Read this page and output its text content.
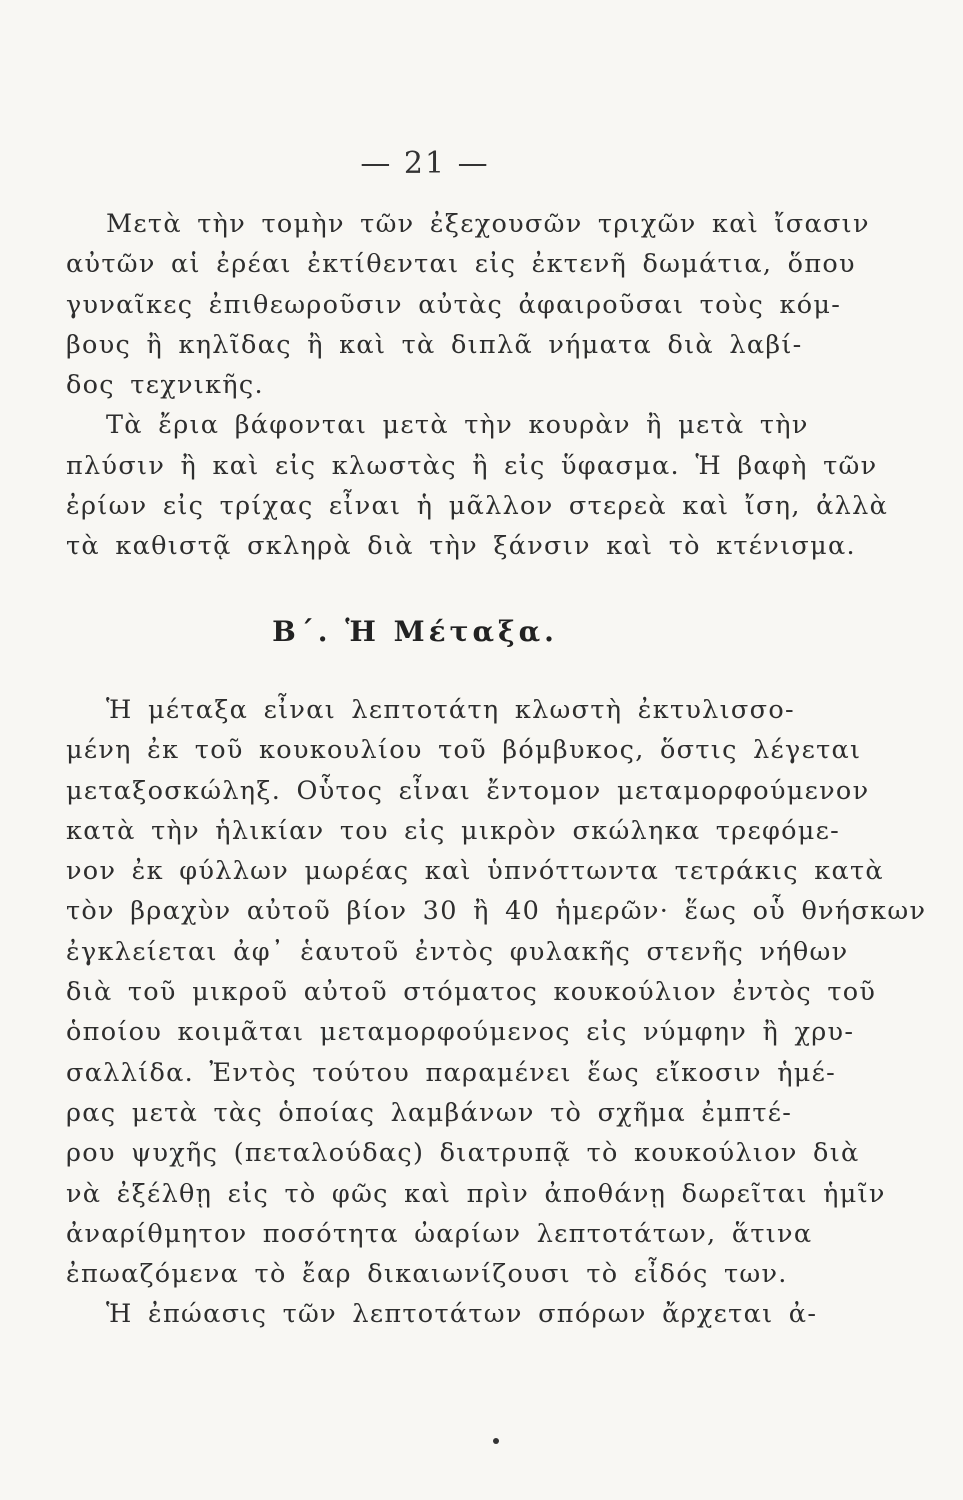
— 21 —
Μετὰ τὴν τομὴν τῶν ἐξεχουσῶν τριχῶν καὶ ἴσασιν
αὐτῶν αἱ ἐρέαι ἐκτίθενται εἰς ἐκτενῆ δωμάτια, ὅπου
γυναῖκες ἐπιθεωροῦσιν αὐτὰς ἀφαιροῦσαι τοὺς κόμ-
βους ἢ κηλῖδας ἢ καὶ τὰ διπλᾶ νήματα διὰ λαβί-
δος τεχνικῆς.
Τὰ ἔρια βάφονται μετὰ τὴν κουρὰν ἢ μετὰ τὴν
πλύσιν ἢ καὶ εἰς κλωστὰς ἢ εἰς ὕφασμα. Ἡ βαφὴ τῶν
ἐρίων εἰς τρίχας εἶναι ἡ μᾶλλον στερεὰ καὶ ἴση, ἀλλὰ
τὰ καθιστᾷ σκληρὰ διὰ τὴν ξάνσιν καὶ τὸ κτένισμα.
Β΄. Ἡ Μέταξα.
Ἡ μέταξα εἶναι λεπτοτάτη κλωστὴ ἐκτυλισσο-
μένη ἐκ τοῦ κουκουλίου τοῦ βόμβυκος, ὅστις λέγεται
μεταξοσκώληξ. Οὗτος εἶναι ἔντομον μεταμορφούμενον
κατὰ τὴν ἡλικίαν του εἰς μικρὸν σκώληκα τρεφόμε-
νον ἐκ φύλλων μωρέας καὶ ὑπνόττωντα τετράκις κατὰ
τὸν βραχὺν αὐτοῦ βίον 30 ἢ 40 ἡμερῶν· ἕως οὗ θνήσκων
ἐγκλείεται ἀφ᾽ ἑαυτοῦ ἐντὸς φυλακῆς στενῆς νήθων
διὰ τοῦ μικροῦ αὐτοῦ στόματος κουκούλιον ἐντὸς τοῦ
ὁποίου κοιμᾶται μεταμορφούμενος εἰς νύμφην ἢ χρυ-
σαλλίδα. Ἐντὸς τούτου παραμένει ἕως εἴκοσιν ἡμέ-
ρας μετὰ τὰς ὁποίας λαμβάνων τὸ σχῆμα ἐμπτέ-
ρου ψυχῆς (πεταλούδας) διατρυπᾷ τὸ κουκούλιον διὰ
νὰ ἐξέλθῃ εἰς τὸ φῶς καὶ πρὶν ἀποθάνῃ δωρεῖται ἡμῖν
ἀναρίθμητον ποσότητα ὠαρίων λεπτοτάτων, ἅτινα
ἐπωαζόμενα τὸ ἔαρ δικαιωνίζουσι τὸ εἶδός των.
Ἡ ἐπώασις τῶν λεπτοτάτων σπόρων ἄρχεται ἀ-
